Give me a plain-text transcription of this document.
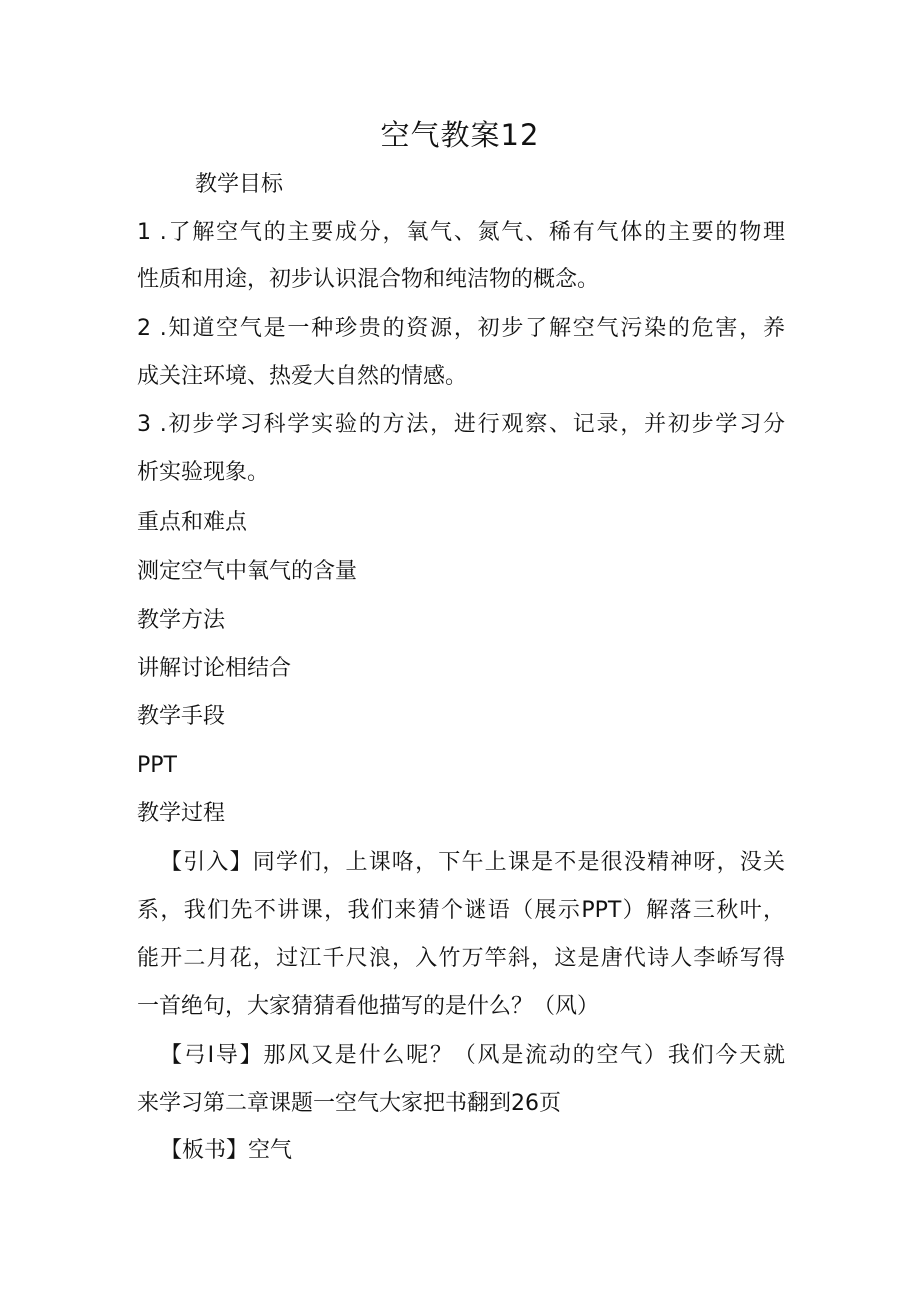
空气教案12
教学目标
1 .了解空气的主要成分，氧气、氮气、稀有气体的主要的物理
性质和用途，初步认识混合物和纯洁物的概念。
2 .知道空气是一种珍贵的资源，初步了解空气污染的危害，养
成关注环境、热爱大自然的情感。
3 .初步学习科学实验的方法，进行观察、记录，并初步学习分
析实验现象。
重点和难点
测定空气中氧气的含量
教学方法
讲解讨论相结合
教学手段
PPT
教学过程
【引入】同学们，上课咯，下午上课是不是很没精神呀，没关
系，我们先不讲课，我们来猜个谜语（展示PPT）解落三秋叶，
能开二月花，过江千尺浪，入竹万竿斜，这是唐代诗人李峤写得
一首绝句，大家猜猜看他描写的是什么？（风）
【弓I导】那风又是什么呢？（风是流动的空气）我们今天就
来学习第二章课题一空气大家把书翻到26页
【板书】空气
